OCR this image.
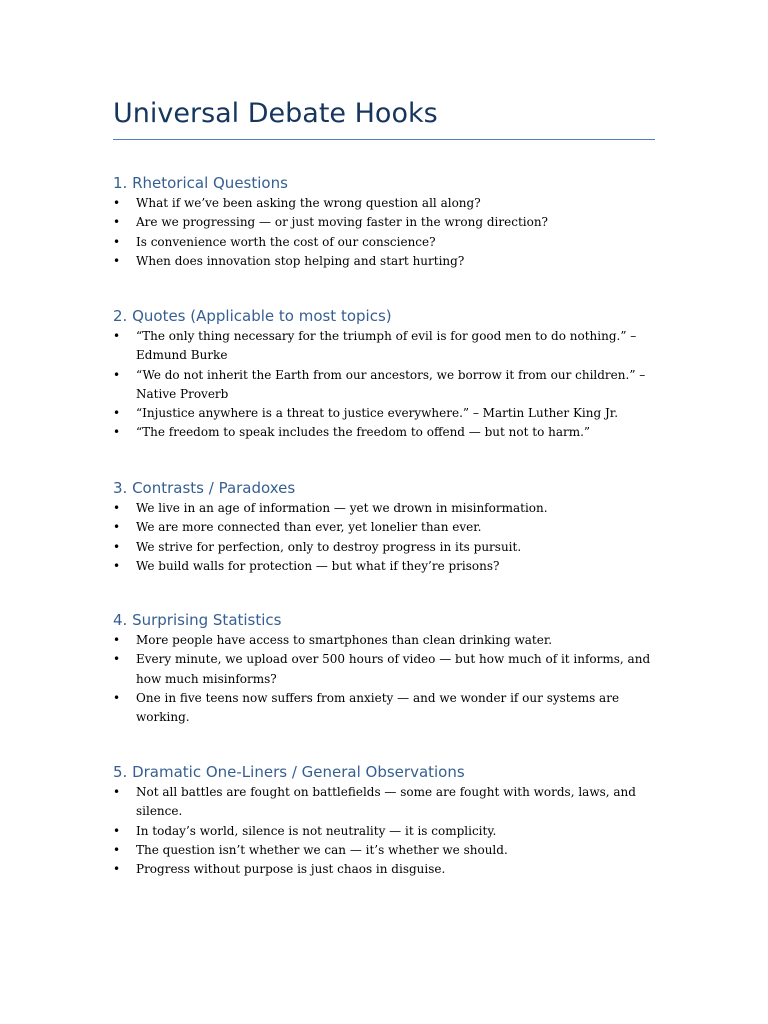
Universal Debate Hooks
1. Rhetorical Questions
• What if we’ve been asking the wrong question all along?
• Are we progressing — or just moving faster in the wrong direction?
• Is convenience worth the cost of our conscience?
• When does innovation stop helping and start hurting?
2. Quotes (Applicable to most topics)
• “The only thing necessary for the triumph of evil is for good men to do nothing.” – Edmund Burke
• “We do not inherit the Earth from our ancestors, we borrow it from our children.” – Native Proverb
• “Injustice anywhere is a threat to justice everywhere.” – Martin Luther King Jr.
• “The freedom to speak includes the freedom to offend — but not to harm.”
3. Contrasts / Paradoxes
• We live in an age of information — yet we drown in misinformation.
• We are more connected than ever, yet lonelier than ever.
• We strive for perfection, only to destroy progress in its pursuit.
• We build walls for protection — but what if they’re prisons?
4. Surprising Statistics
• More people have access to smartphones than clean drinking water.
• Every minute, we upload over 500 hours of video — but how much of it informs, and how much misinforms?
• One in five teens now suffers from anxiety — and we wonder if our systems are working.
5. Dramatic One-Liners / General Observations
• Not all battles are fought on battlefields — some are fought with words, laws, and silence.
• In today’s world, silence is not neutrality — it is complicity.
• The question isn’t whether we can — it’s whether we should.
• Progress without purpose is just chaos in disguise.
